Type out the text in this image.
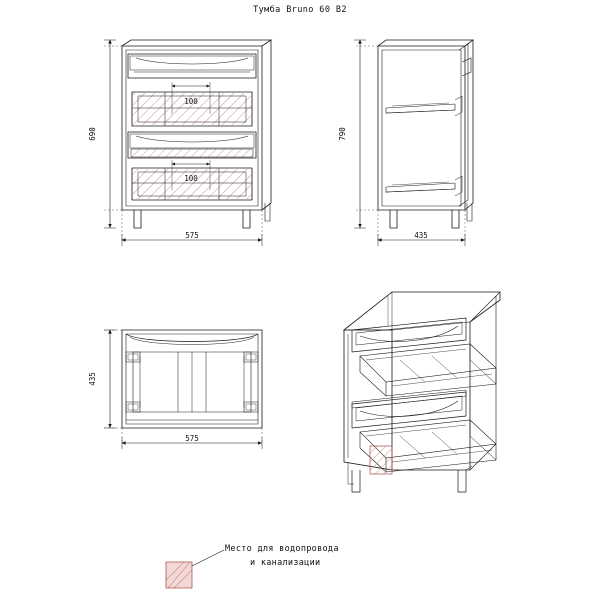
Тумба Bruno 60 В2
690
575
100
100
790
435
435
575
Место для водопровода
и канализации
